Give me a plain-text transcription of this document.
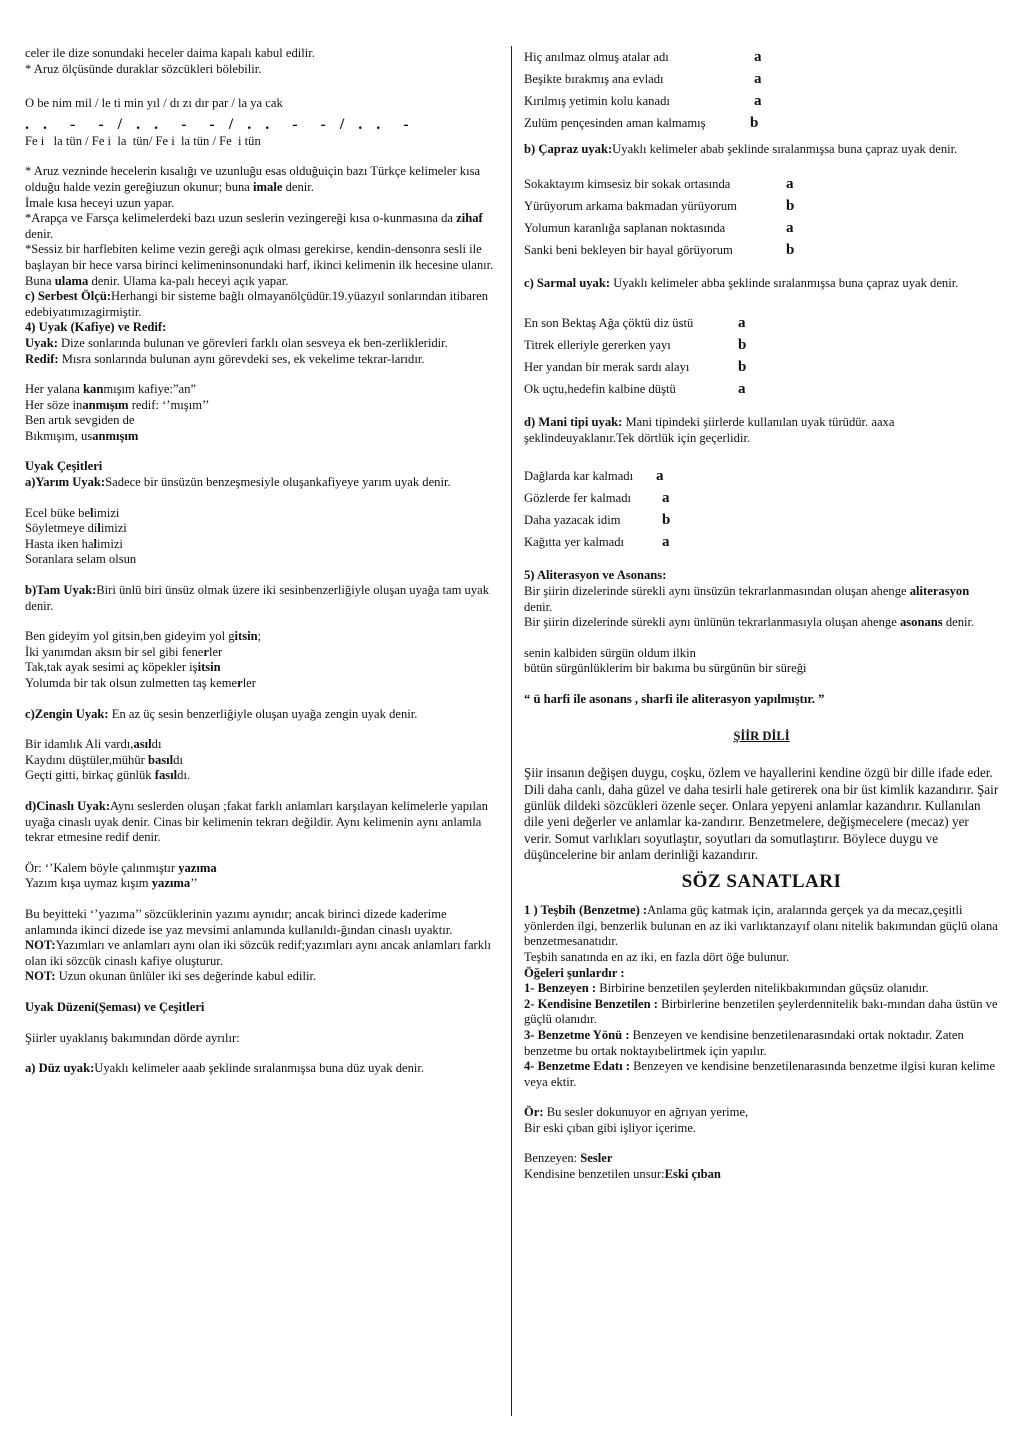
celer ile dize sonundaki heceler daima kapalı kabul edilir.

* Aruz ölçüsünde duraklar sözcükleri bölebilir.

O be nim mil / le ti min yıl / dı zı dır par / la ya cak

. .  -  - / . .  -  - / . .  -  - / . .  -

Fe i   la tün / Fe i  la  tün/ Fe i  la tün / Fe  i tün

* Aruz vezninde hecelerin kısalığı ve uzunluğu esas olduğuiçin bazı Türkçe kelimeler kısa olduğu halde vezin gereğiuzun okunur; buna imale denir.

İmale kısa heceyi uzun yapar.

*Arapça ve Farsça kelimelerdeki bazı uzun seslerin vezingereği kısa o-kunmasına da zihaf denir.

*Sessiz bir harflebiten kelime vezin gereği açık olması gerekirse, kendin-densonra sesli ile başlayan bir hece varsa birinci kelimeninsonundaki harf, ikinci kelimenin ilk hecesine ulanır. Buna ulama denir. Ulama ka-palı heceyi açık yapar.

c) Serbest Ölçü:Herhangi bir sisteme bağlı olmayanölçüdür.19.yüazyıl sonlarından itibaren edebiyatımızagirmiştir.

4) Uyak (Kafiye) ve Redif:

Uyak: Dize sonlarında bulunan ve görevleri farklı olan sesveya ek ben-zerlikleridir.

Redif: Mısra sonlarında bulunan aynı görevdeki ses, ek vekelime tekrar-larıdır.

Her yalana kanmışım kafiye:”an”

Her söze inanmışım redif: ‘’mışım’’

Ben artık sevgiden de

Bıkmışım, usanmışım

Uyak Çeşitleri

a)Yarım Uyak:Sadece bir ünsüzün benzeşmesiyle oluşankafiyeye yarım uyak denir.

Ecel büke belimizi

Söyletmeye dilimizi

Hasta iken halimizi

Soranlara selam olsun

b)Tam Uyak:Biri ünlü biri ünsüz olmak üzere iki sesinbenzerliğiyle oluşan uyağa tam uyak denir.

Ben gideyim yol gitsin,ben gideyim yol gitsin;

İki yanımdan aksın bir sel gibi fenerler

Tak,tak ayak sesimi aç köpekler işitsin

Yolumda bir tak olsun zulmetten taş kemerler

c)Zengin Uyak: En az üç sesin benzerliğiyle oluşan uyağa zengin uyak denir.

Bir idamlık Ali vardı,asıldı

Kaydını düştüler,mühür basıldı

Geçti gitti, birkaç günlük fasıldı.

d)Cinaslı Uyak:Aynı seslerden oluşan ;fakat farklı anlamları karşılayan kelimelerle yapılan uyağa cinaslı uyak denir. Cinas bir kelimenin tekrarı değildir. Aynı kelimenin aynı anlamla tekrar etmesine redif denir.

Ör: ‘’Kalem böyle çalınmıştır yazıma

Yazım kışa uymaz kışım yazıma’’

Bu beyitteki ‘’yazıma’’ sözcüklerinin yazımı aynıdır; ancak birinci dizede kaderime anlamında ikinci dizede ise yaz mevsimi anlamında kullanıldı-ğından cinaslı uyaktır.

NOT:Yazımları ve anlamları aynı olan iki sözcük redif;yazımları aynı ancak anlamları farklı olan iki sözcük cinaslı kafiye oluşturur.

NOT: Uzun okunan ünlüler iki ses değerinde kabul edilir.

Uyak Düzeni(Şeması) ve Çeşitleri

Şiirler uyaklanış bakımından dörde ayrılır:

a) Düz uyak:Uyaklı kelimeler aaab şeklinde sıralanmışsa buna düz uyak denir.

Hiç anılmaz olmuş atalar adı	a

Beşikte bırakmış ana evladı	a

Kırılmış yetimin kolu kanadı	a

Zulüm pençesinden aman kalmamış	b

b) Çapraz uyak:Uyaklı kelimeler abab şeklinde sıralanmışsa buna çapraz uyak denir.

Sokaktayım kimsesiz bir sokak ortasında	a

Yürüyorum arkama bakmadan yürüyorum	b

Yolumun karanlığa saplanan noktasında	a

Sanki beni bekleyen bir hayal görüyorum	b

c) Sarmal uyak: Uyaklı kelimeler abba şeklinde sıralanmışsa buna çapraz uyak denir.

En son Bektaş Ağa çöktü diz üstü	a

Titrek elleriyle gererken yayı	b

Her yandan bir merak sardı alayı	b

Ok uçtu,hedefin kalbine düştü	a

d) Mani tipi uyak: Mani tipindeki şiirlerde kullanılan uyak türüdür. aaxa şeklindeuyaklanır.Tek dörtlük için geçerlidir.

Dağlarda kar kalmadı	a

Gözlerde fer kalmadı	a

Daha yazacak idim	b

Kağıtta yer kalmadı	a

5) Aliterasyon ve Asonans:

Bir şiirin dizelerinde sürekli aynı ünsüzün tekrarlanmasından oluşan ahenge aliterasyon denir.

Bir şiirin dizelerinde sürekli aynı ünlünün tekrarlanmasıyla oluşan ahenge asonans denir.

senin kalbiden sürgün oldum ilkin

bütün sürgünlüklerim bir bakıma bu sürgünün bir süreği

“ ü harfi ile asonans , sharfi ile aliterasyon yapılmıştır. ”

ŞİİR DİLİ

Şiir insanın değişen duygu, coşku, özlem ve hayallerini kendine özgü bir dille ifade eder. Dili daha canlı, daha güzel ve daha tesirli hale getirerek ona bir üst kimlik kazandırır. Şair günlük dildeki sözcükleri özenle seçer. Onlara yepyeni anlamlar kazandırır. Kullanılan dile yeni değerler ve anlamlar ka-zandırır. Benzetmelere, değişmecelere (mecaz) yer verir. Somut varlıkları soyutlaştır, soyutları da somutlaştırır. Böylece duygu ve düşüncelerine bir anlam derinliği kazandırır.

SÖZ SANATLARI

1 ) Teşbih (Benzetme) :Anlama güç katmak için, aralarında gerçek ya da mecaz,çeşitli yönlerden ilgi, benzerlik bulunan en az iki varlıktanzayıf olanı nitelik bakımından güçlü olana benzetmesanatıdır.

Teşbih sanatında en az iki, en fazla dört öğe bulunur.

Öğeleri şunlardır :

1- Benzeyen : Birbirine benzetilen şeylerden nitelikbakımından güçsüz olanıdır.

2- Kendisine Benzetilen : Birbirlerine benzetilen şeylerdennitelik bakı-mından daha üstün ve güçlü olanıdır.

3- Benzetme Yönü : Benzeyen ve kendisine benzetilenarasındaki ortak noktadır. Zaten benzetme bu ortak noktayıbelirtmek için yapılır.

4- Benzetme Edatı : Benzeyen ve kendisine benzetilenarasında benzetme ilgisi kuran kelime veya ektir.

Ör: Bu sesler dokunuyor en ağrıyan yerime,

Bir eski çıban gibi işliyor içerime.

Benzeyen: Sesler

Kendisine benzetilen unsur:Eski çıban
